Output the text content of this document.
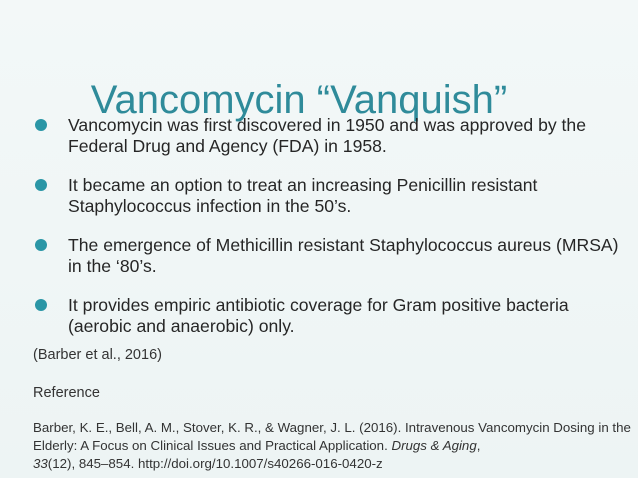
Vancomycin “Vanquish”
Vancomycin was first discovered in 1950 and was approved by the Federal Drug and Agency (FDA) in 1958.
It became an option to treat an increasing Penicillin resistant Staphylococcus infection in the 50’s.
The emergence of Methicillin resistant Staphylococcus aureus (MRSA) in the ‘80’s.
It provides empiric antibiotic coverage for Gram positive bacteria (aerobic and anaerobic) only.
(Barber et al., 2016)
Reference
Barber, K. E., Bell, A. M., Stover, K. R., & Wagner, J. L. (2016). Intravenous Vancomycin Dosing in the Elderly: A Focus on Clinical Issues and Practical Application. Drugs & Aging,
33(12), 845–854. http://doi.org/10.1007/s40266-016-0420-z
